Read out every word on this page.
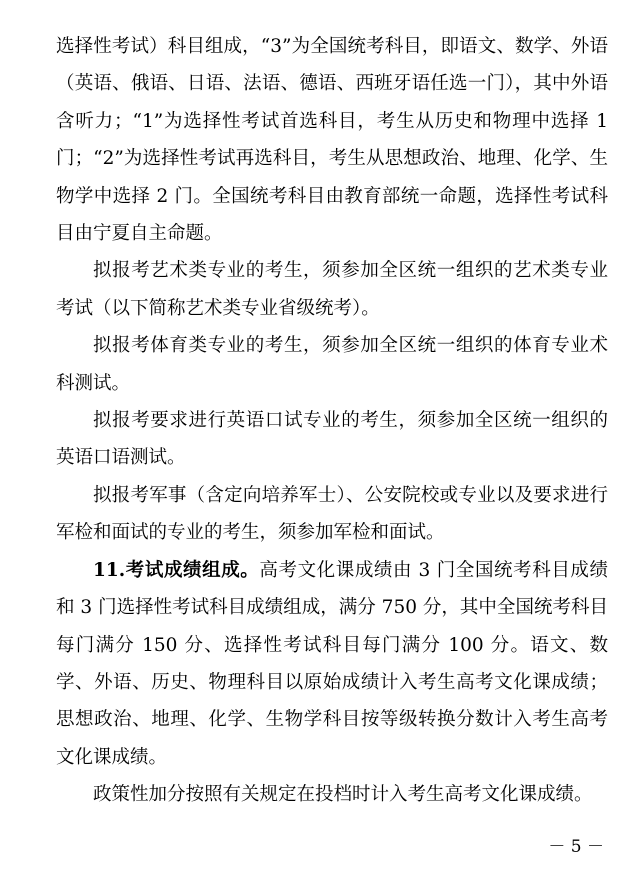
选择性考试）科目组成，“3”为全国统考科目，即语文、数学、外语（英语、俄语、日语、法语、德语、西班牙语任选一门），其中外语含听力；“1”为选择性考试首选科目，考生从历史和物理中选择 1 门；“2”为选择性考试再选科目，考生从思想政治、地理、化学、生物学中选择 2 门。全国统考科目由教育部统一命题，选择性考试科目由宁夏自主命题。

拟报考艺术类专业的考生，须参加全区统一组织的艺术类专业考试（以下简称艺术类专业省级统考）。

拟报考体育类专业的考生，须参加全区统一组织的体育专业术科测试。

拟报考要求进行英语口试专业的考生，须参加全区统一组织的英语口语测试。

拟报考军事（含定向培养军士）、公安院校或专业以及要求进行军检和面试的专业的考生，须参加军检和面试。

11.考试成绩组成。高考文化课成绩由 3 门全国统考科目成绩和 3 门选择性考试科目成绩组成，满分 750 分，其中全国统考科目每门满分 150 分、选择性考试科目每门满分 100 分。语文、数学、外语、历史、物理科目以原始成绩计入考生高考文化课成绩；思想政治、地理、化学、生物学科目按等级转换分数计入考生高考文化课成绩。

政策性加分按照有关规定在投档时计入考生高考文化课成绩。

－ 5 －
